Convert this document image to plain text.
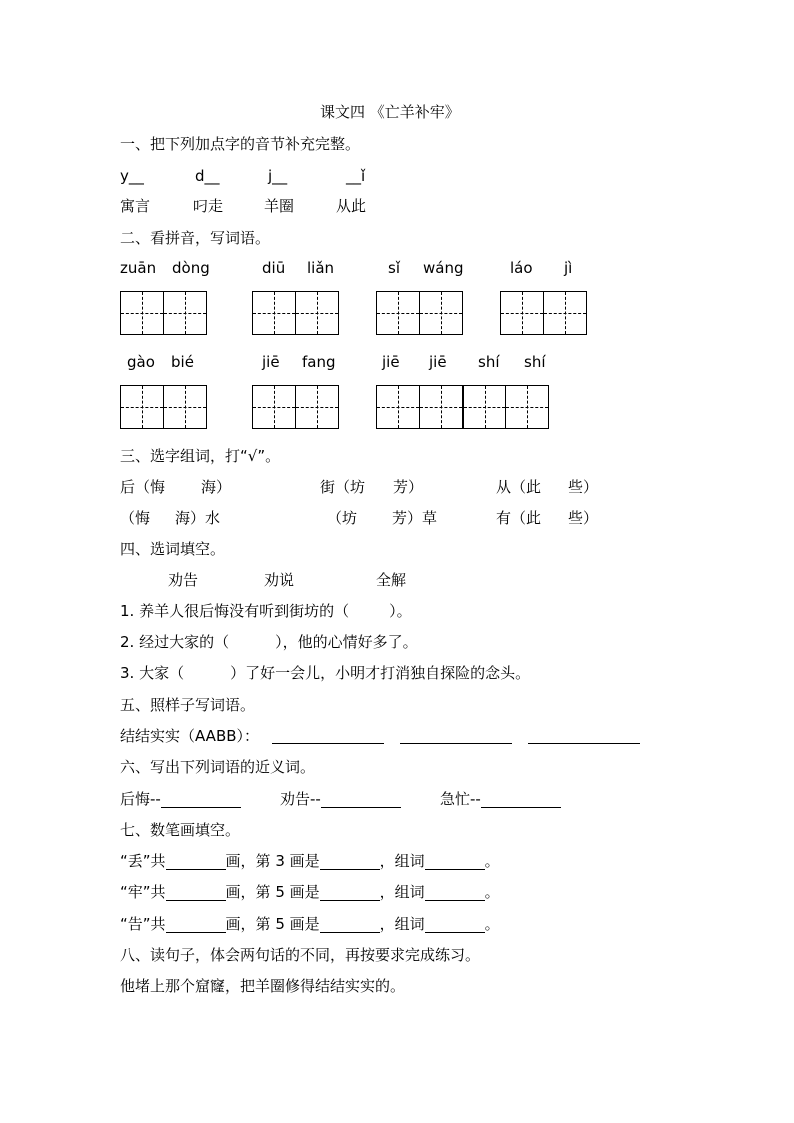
课文四 《亡羊补牢》
一、把下列加点字的音节补充完整。
y__	d__	j__	__ǐ
寓言	叼走	羊圈	从此
二、看拼音，写词语。
zuān dòng	diū liǎn	sǐ wáng	láo jì
gào bié	jiē fang	jiē jiē shí shí
三、选字组词，打“√”。
后（悔 海）	街（坊 芳）	从（此 些）
（悔 海）水	（坊 芳）草	有（此 些）
四、选词填空。
劝告	劝说	全解
1. 养羊人很后悔没有听到街坊的（	）。
2. 经过大家的（	），他的心情好多了。
3. 大家（	）了好一会儿，小明才打消独自探险的念头。
五、照样子写词语。
结结实实（AABB）：
六、写出下列词语的近义词。
后悔--	劝告--	急忙--
七、数笔画填空。
“丢”共	画，第 3 画是	，组词	。
“牢”共	画，第 5 画是	，组词	。
“告”共	画，第 5 画是	，组词	。
八、读句子，体会两句话的不同，再按要求完成练习。
他堵上那个窟窿，把羊圈修得结结实实的。
